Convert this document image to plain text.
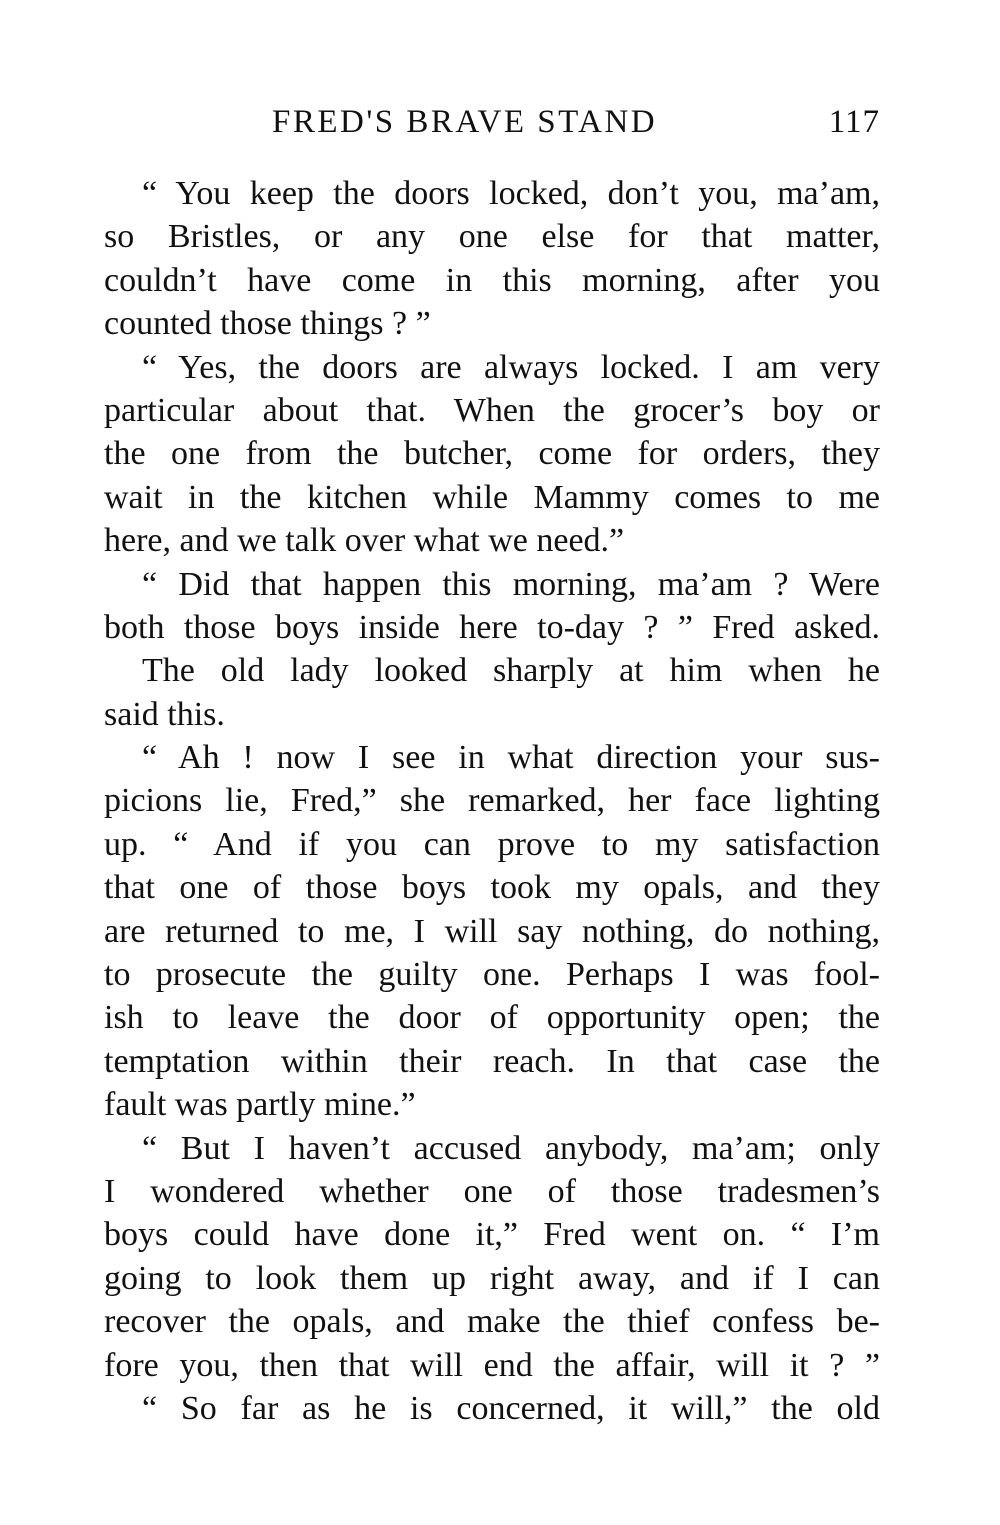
FRED'S BRAVE STAND	117
“ You keep the doors locked, don’t you, ma’am,
so Bristles, or any one else for that matter,
couldn’t have come in this morning, after you
counted those things ? ”
“ Yes, the doors are always locked. I am very
particular about that. When the grocer’s boy or
the one from the butcher, come for orders, they
wait in the kitchen while Mammy comes to me
here, and we talk over what we need.”
“ Did that happen this morning, ma’am ? Were
both those boys inside here to-day ? ” Fred asked.
The old lady looked sharply at him when he
said this.
“ Ah ! now I see in what direction your sus-
picions lie, Fred,” she remarked, her face lighting
up. “ And if you can prove to my satisfaction
that one of those boys took my opals, and they
are returned to me, I will say nothing, do nothing,
to prosecute the guilty one. Perhaps I was fool-
ish to leave the door of opportunity open; the
temptation within their reach. In that case the
fault was partly mine.”
“ But I haven’t accused anybody, ma’am; only
I wondered whether one of those tradesmen’s
boys could have done it,” Fred went on. “ I’m
going to look them up right away, and if I can
recover the opals, and make the thief confess be-
fore you, then that will end the affair, will it ? ”
“ So far as he is concerned, it will,” the old
